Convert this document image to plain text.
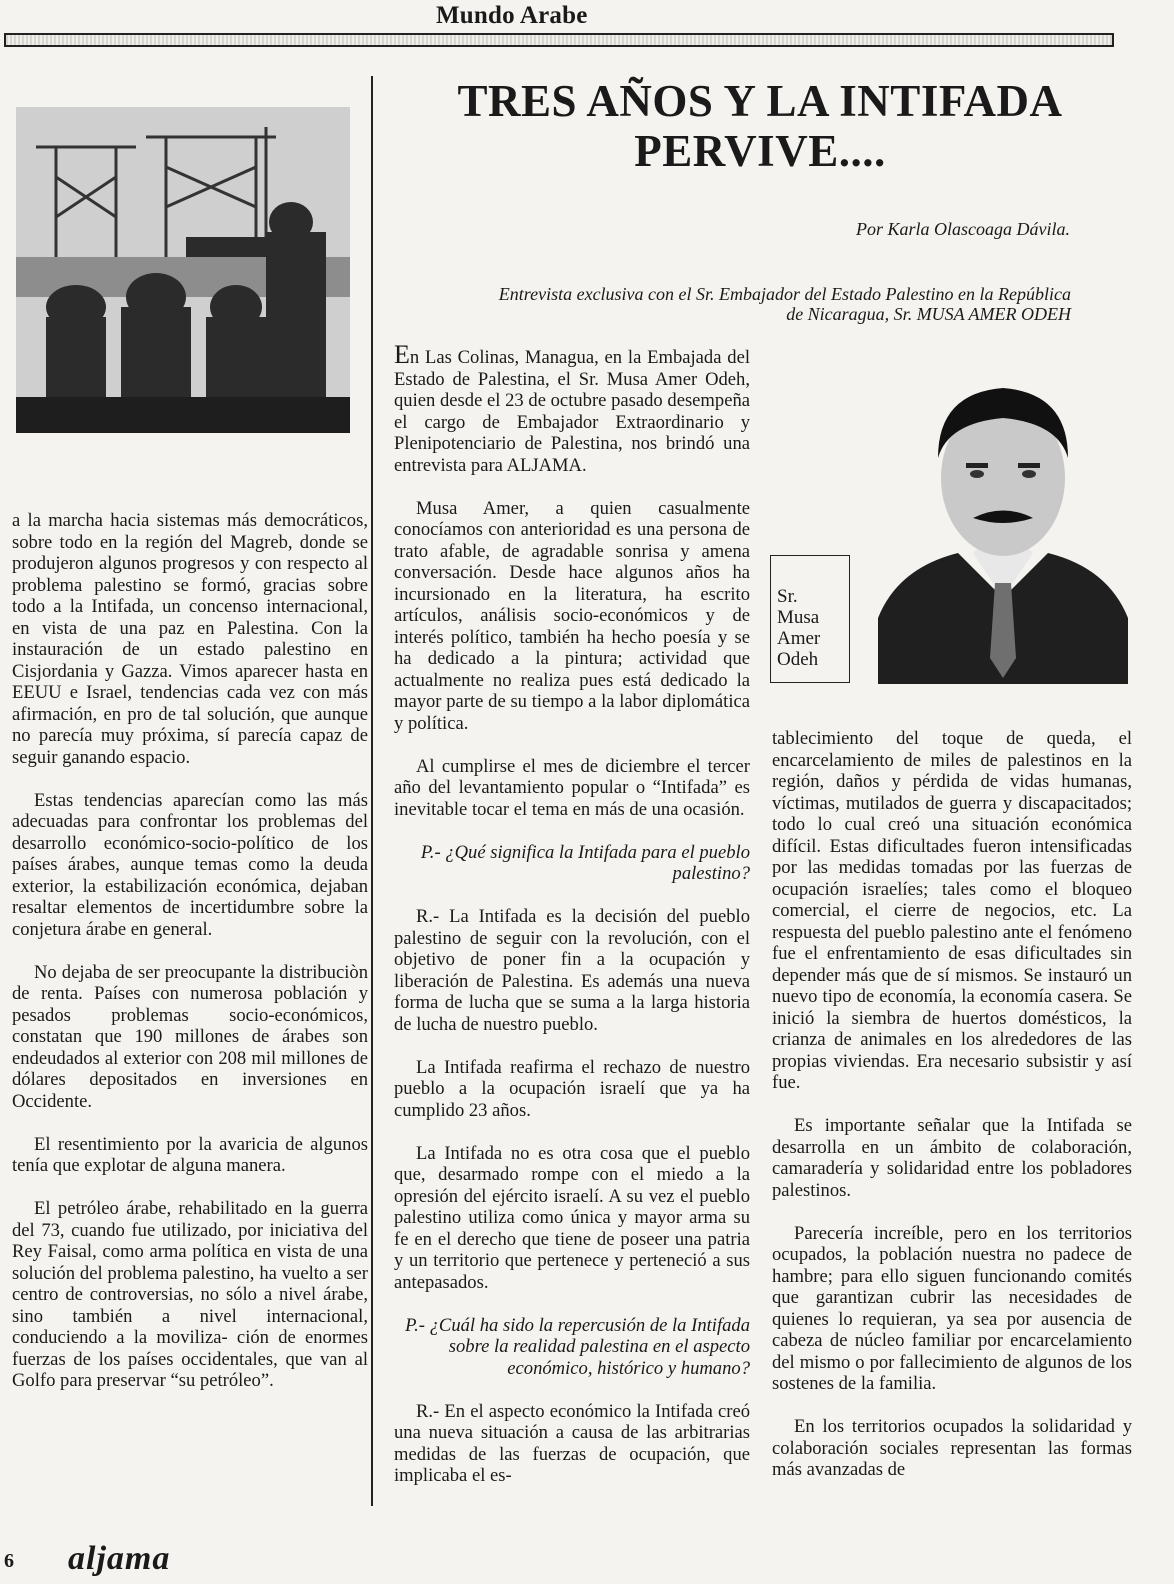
Mundo Arabe
TRES AÑOS Y LA INTIFADA
PERVIVE....

Por Karla Olascoaga Dávila.

Entrevista exclusiva con el Sr. Embajador del Estado Palestino en la República
de Nicaragua, Sr. MUSA AMER ODEH

a la marcha hacia sistemas más democráticos, sobre todo en la región del Magreb, donde se produjeron algunos progresos y con respecto al problema palestino se formó, gracias sobre todo a la Intifada, un concenso internacional, en vista de una paz en Palestina. Con la instauración de un estado palestino en Cisjordania y Gazza. Vimos aparecer hasta en EEUU e Israel, tendencias cada vez con más afirmación, en pro de tal solución, que aunque no parecía muy próxima, sí parecía capaz de seguir ganando espacio.

Estas tendencias aparecían como las más adecuadas para confrontar los problemas del desarrollo económico-socio-político de los países árabes, aunque temas como la deuda exterior, la estabilización económica, dejaban resaltar elementos de incertidumbre sobre la conjetura árabe en general.

No dejaba de ser preocupante la distribuciòn de renta. Países con numerosa población y pesados problemas socio-económicos, constatan que 190 millones de árabes son endeudados al exterior con 208 mil millones de dólares depositados en inversiones en Occidente.

El resentimiento por la avaricia de algunos tenía que explotar de alguna manera.

El petróleo árabe, rehabilitado en la guerra del 73, cuando fue utilizado, por iniciativa del Rey Faisal, como arma política en vista de una solución del problema palestino, ha vuelto a ser centro de controversias, no sólo a nivel árabe, sino también a nivel internacional, conduciendo a la moviliza- ción de enormes fuerzas de los países occidentales, que van al Golfo para preservar “su petróleo”.

En Las Colinas, Managua, en la Embajada del Estado de Palestina, el Sr. Musa Amer Odeh, quien desde el 23 de octubre pasado desempeña el cargo de Embajador Extraordinario y Plenipotenciario de Palestina, nos brindó una entrevista para ALJAMA.

Musa Amer, a quien casualmente conocíamos con anterioridad es una persona de trato afable, de agradable sonrisa y amena conversación. Desde hace algunos años ha incursionado en la literatura, ha escrito artículos, análisis socio-económicos y de interés político, también ha hecho poesía y se ha dedicado a la pintura; actividad que actualmente no realiza pues está dedicado la mayor parte de su tiempo a la labor diplomática y política.

Al cumplirse el mes de diciembre el tercer año del levantamiento popular o “Intifada” es inevitable tocar el tema en más de una ocasión.

P.- ¿Qué significa la Intifada para el pueblo palestino?

R.- La Intifada es la decisión del pueblo palestino de seguir con la revolución, con el objetivo de poner fin a la ocupación y liberación de Palestina. Es además una nueva forma de lucha que se suma a la larga historia de lucha de nuestro pueblo.

La Intifada reafirma el rechazo de nuestro pueblo a la ocupación israelí que ya ha cumplido 23 años.

La Intifada no es otra cosa que el pueblo que, desarmado rompe con el miedo a la opresión del ejército israelí. A su vez el pueblo palestino utiliza como única y mayor arma su fe en el derecho que tiene de poseer una patria y un territorio que pertenece y perteneció a sus antepasados.

P.- ¿Cuál ha sido la repercusión de la Intifada sobre la realidad palestina en el aspecto económico, histórico y humano?

R.- En el aspecto económico la Intifada creó una nueva situación a causa de las arbitrarias medidas de las fuerzas de ocupación, que implicaba el es-

Sr.
Musa
Amer
Odeh

tablecimiento del toque de queda, el encarcelamiento de miles de palestinos en la región, daños y pérdida de vidas humanas, víctimas, mutilados de guerra y discapacitados; todo lo cual creó una situación económica difícil. Estas dificultades fueron intensificadas por las medidas tomadas por las fuerzas de ocupación israelíes; tales como el bloqueo comercial, el cierre de negocios, etc. La respuesta del pueblo palestino ante el fenómeno fue el enfrentamiento de esas dificultades sin depender más que de sí mismos. Se instauró un nuevo tipo de economía, la economía casera. Se inició la siembra de huertos domésticos, la crianza de animales en los alrededores de las propias viviendas. Era necesario subsistir y así fue.

Es importante señalar que la Intifada se desarrolla en un ámbito de colaboración, camaradería y solidaridad entre los pobladores palestinos.

Parecería increíble, pero en los territorios ocupados, la población nuestra no padece de hambre; para ello siguen funcionando comités que garantizan cubrir las necesidades de quienes lo requieran, ya sea por ausencia de cabeza de núcleo familiar por encarcelamiento del mismo o por fallecimiento de algunos de los sostenes de la familia.

En los territorios ocupados la solidaridad y colaboración sociales representan las formas más avanzadas de

6 aljama
